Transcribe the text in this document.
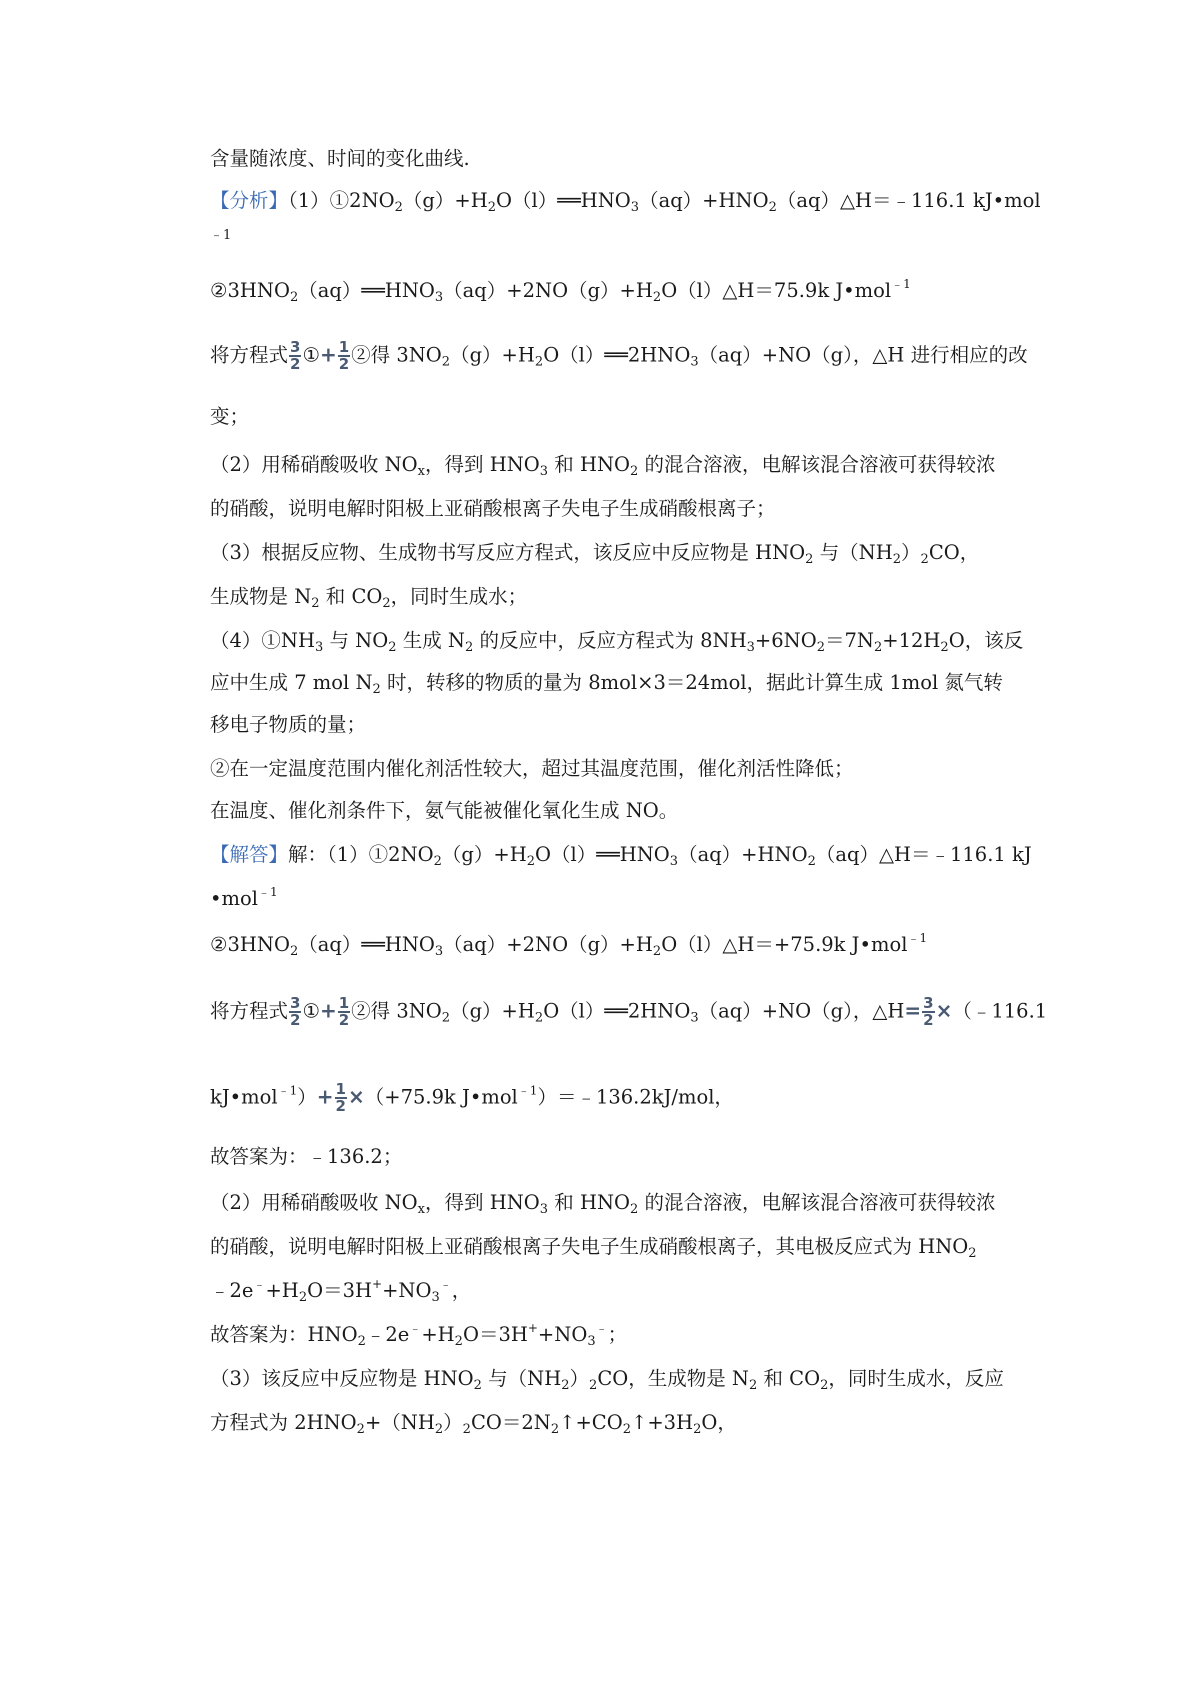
含量随浓度、时间的变化曲线.
【分析】$(1)①2NO_2(g)+H_2O(l)══HNO_3(aq)+HNO_2(aq)\triangle H=﹣116.1$ kJ•mol
﹣1
$②3HNO_2(aq)══HNO_3(aq)+2NO(g)+H_2O(l)\triangle H=75.9k$ J•mol$^{﹣1}$
将方程式 $\frac{3}{2}$ ①+ $\frac{1}{2}$ ②得 $3NO_2(g)+H_2O(l)══2HNO_3(aq)+NO(g)$，△H 进行相应的改
变；
（2）用稀硝酸吸收 $NO_x$，得到 $HNO_3$ 和 $HNO_2$ 的混合溶液，电解该混合溶液可获得较浓
的硝酸，说明电解时阳极上亚硝酸根离子失电子生成硝酸根离子；
（3）根据反应物、生成物书写反应方程式，该反应中反应物是 $HNO_2$ 与$(NH_2)_2CO$，
生成物是 $N_2$ 和 $CO_2$，同时生成水；
$(4)①NH_3$ 与 $NO_2$ 生成 $N_2$ 的反应中，反应方程式为 $8NH_3+6NO_2=7N_2+12H_2O$，该反
应中生成 7 mol $N_2$ 时，转移的物质的量为 8mol×3＝24mol，据此计算生成 1mol 氮气转
移电子物质的量；
②在一定温度范围内催化剂活性较大，超过其温度范围，催化剂活性降低；
在温度、催化剂条件下，氨气能被催化氧化生成 NO。
【解答】解：$(1)①2NO_2(g)+H_2O(l)══HNO_3(aq)+HNO_2(aq)\triangle H=﹣116.1$ kJ
•mol$^{﹣1}$
$②3HNO_2(aq)══HNO_3(aq)+2NO(g)+H_2O(l)\triangle H=+75.9k$ J•mol$^{﹣1}$
将方程式 $\frac{3}{2}$ ①+ $\frac{1}{2}$ ②得 $3NO_2(g)+H_2O(l)══2HNO_3(aq)+NO(g)$，△H= $\frac{3}{2}$ ×（﹣116.1
kJ•mol$^{﹣1}$）+ $\frac{1}{2} \times(+75.9k$ J•mol$^{﹣1}$）＝﹣136.2kJ/mol，
故答案为：﹣136.2；
（2）用稀硝酸吸收 $NO_x$，得到 $HNO_3$ 和 $HNO_2$ 的混合溶液，电解该混合溶液可获得较浓
的硝酸，说明电解时阳极上亚硝酸根离子失电子生成硝酸根离子，其电极反应式为 $HNO_2$
$﹣2e^﹣+H_2O=3H^++NO_3^﹣$，
故答案为：$HNO_2﹣2e^﹣+H_2O=3H^++NO_3^﹣$；
（3）该反应中反应物是 $HNO_2$ 与$(NH_2)_2CO$，生成物是 $N_2$ 和 $CO_2$，同时生成水，反应
方程式为 $2HNO_2+(NH_2)_2CO=2N_2↑+CO_2↑+3H_2O$，
